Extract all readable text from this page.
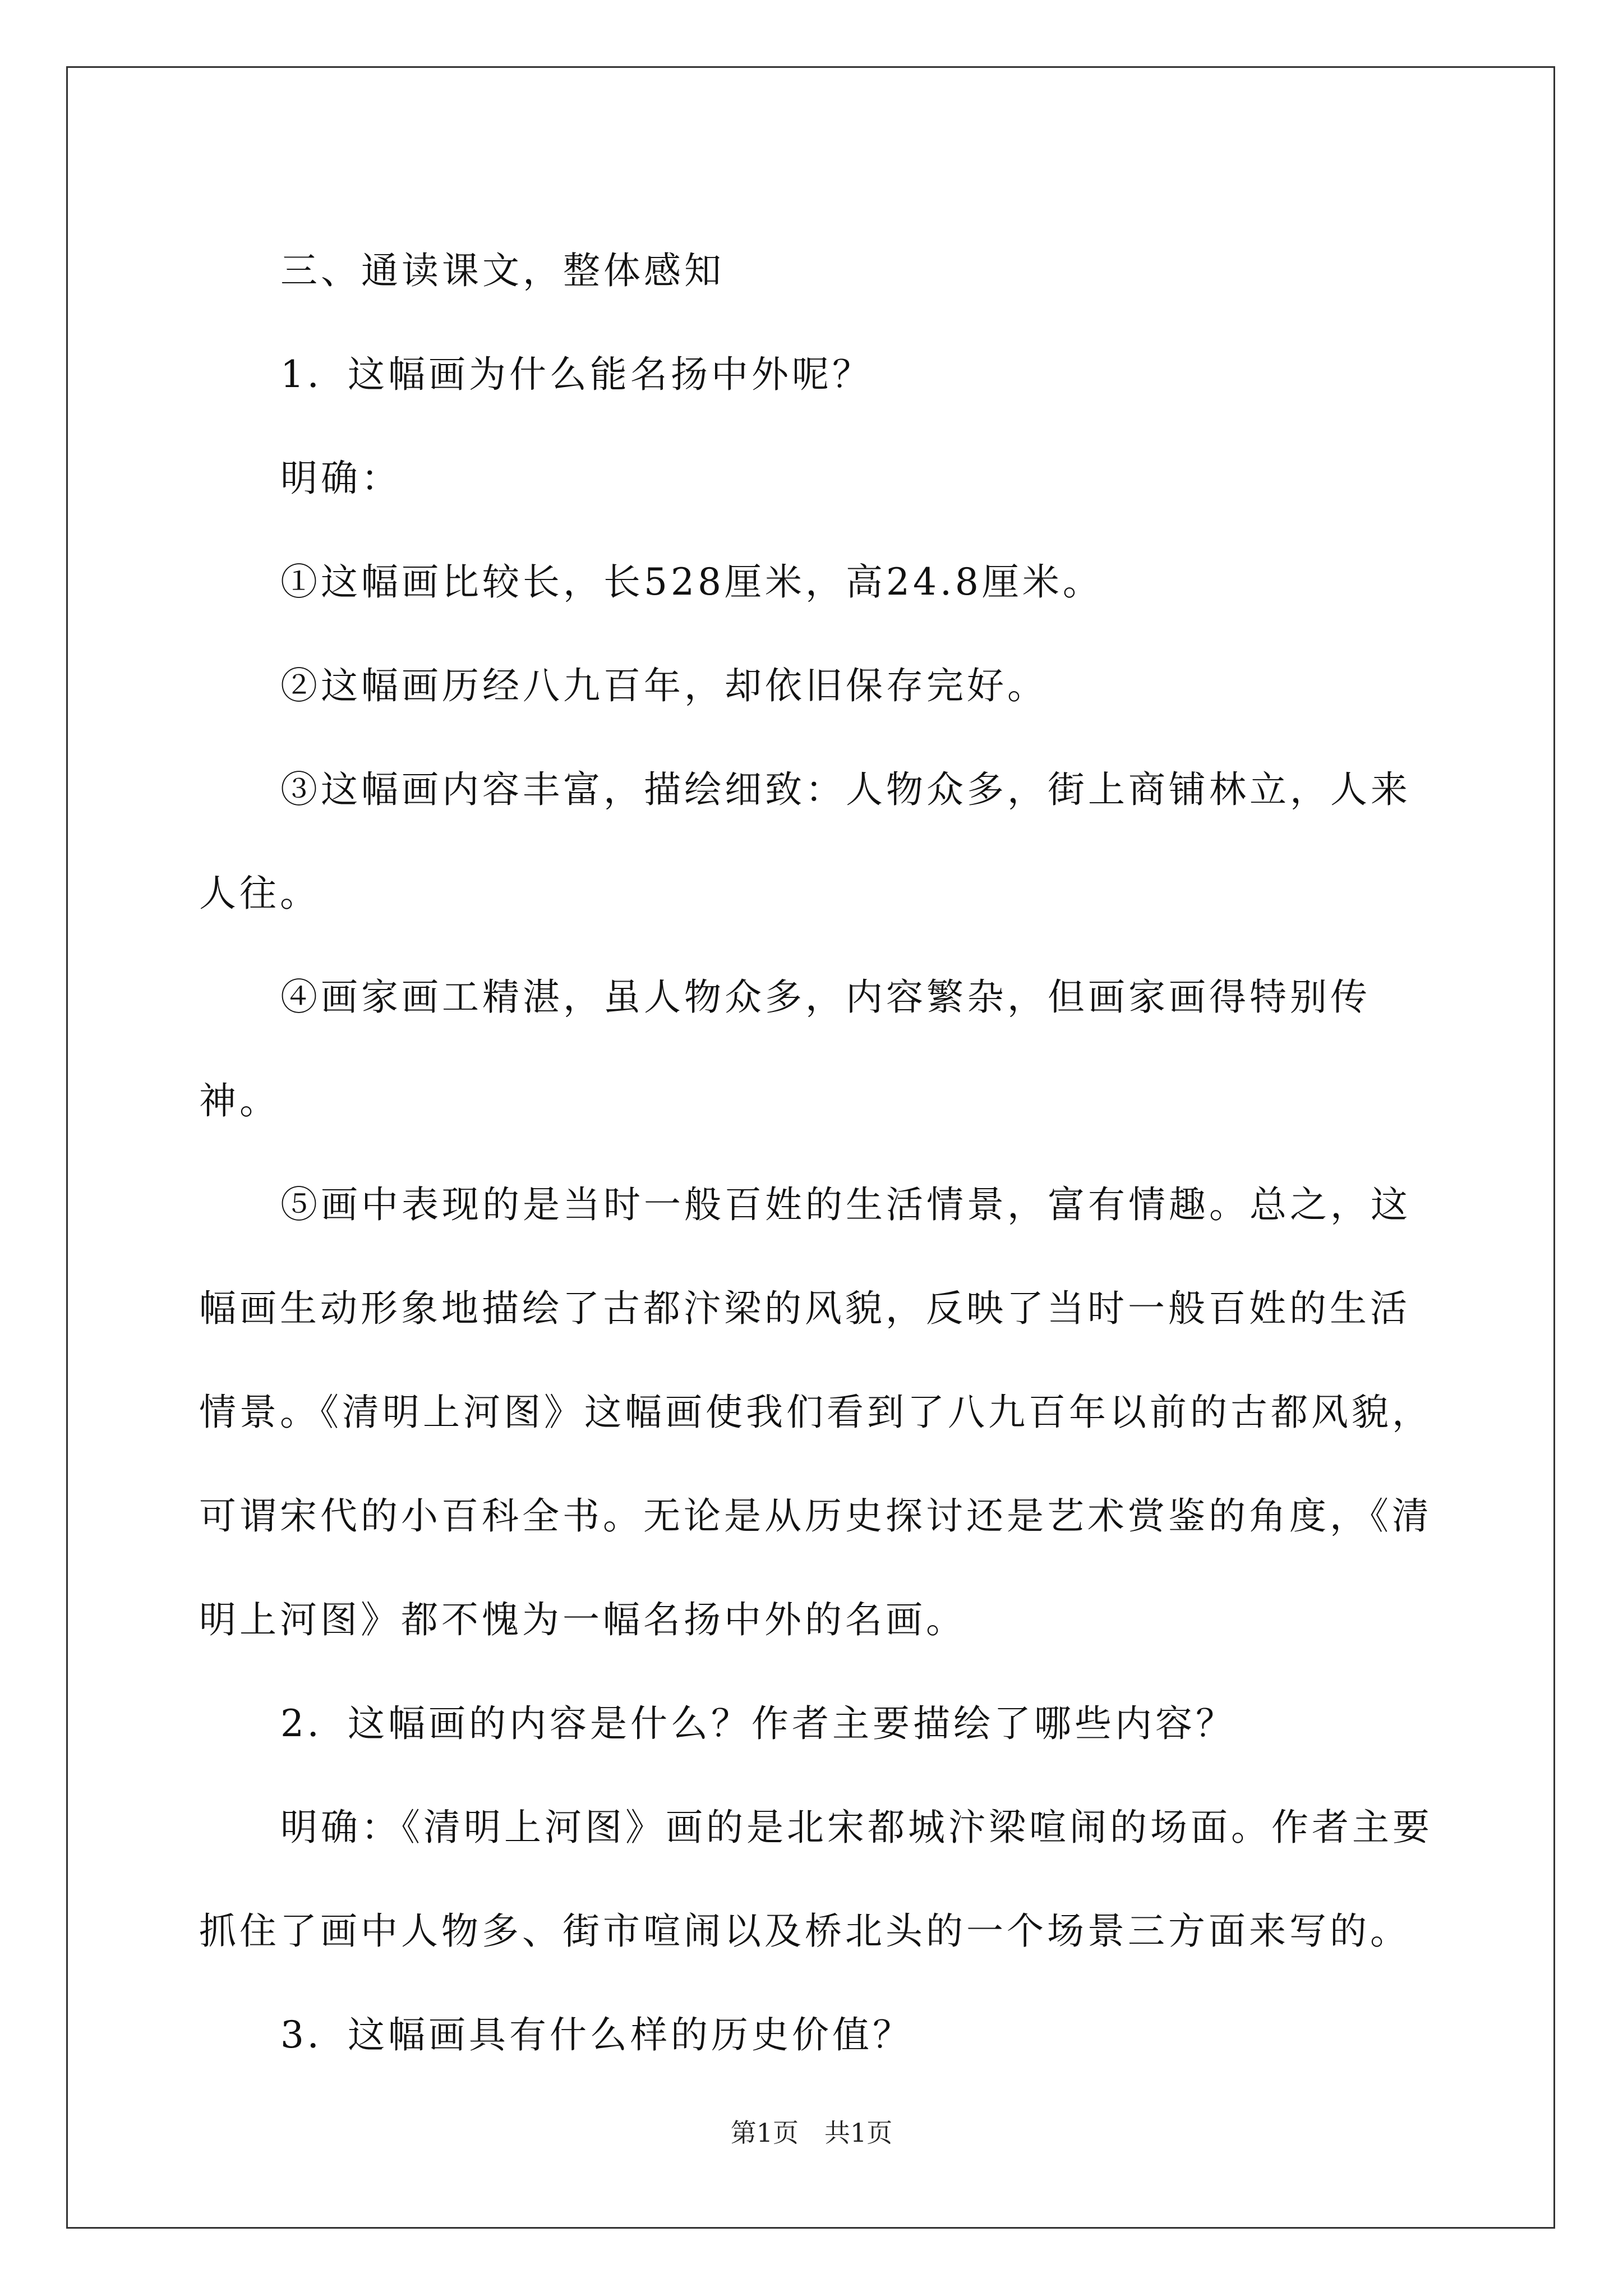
三、通读课文，整体感知

1．这幅画为什么能名扬中外呢？

明确：

①这幅画比较长，长528厘米，高24.8厘米。

②这幅画历经八九百年，却依旧保存完好。

③这幅画内容丰富，描绘细致：人物众多，街上商铺林立，人来人往。

④画家画工精湛，虽人物众多，内容繁杂，但画家画得特别传神。

⑤画中表现的是当时一般百姓的生活情景，富有情趣。总之，这幅画生动形象地描绘了古都汴梁的风貌，反映了当时一般百姓的生活情景。《清明上河图》这幅画使我们看到了八九百年以前的古都风貌，可谓宋代的小百科全书。无论是从历史探讨还是艺术赏鉴的角度，《清明上河图》都不愧为一幅名扬中外的名画。

2．这幅画的内容是什么？作者主要描绘了哪些内容？

明确：《清明上河图》画的是北宋都城汴梁喧闹的场面。作者主要抓住了画中人物多、街市喧闹以及桥北头的一个场景三方面来写的。

3．这幅画具有什么样的历史价值？

第1页　共1页
